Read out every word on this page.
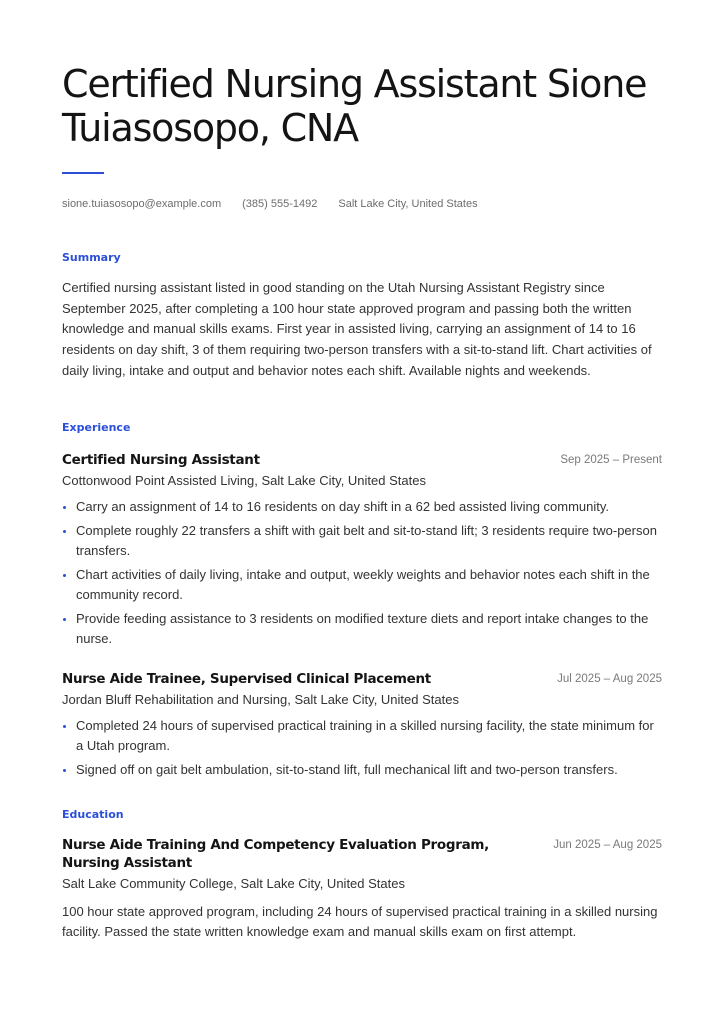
Certified Nursing Assistant Sione Tuiasosopo, CNA
sione.tuiasosopo@example.com (385) 555-1492 Salt Lake City, United States
Summary
Certified nursing assistant listed in good standing on the Utah Nursing Assistant Registry since September 2025, after completing a 100 hour state approved program and passing both the written knowledge and manual skills exams. First year in assisted living, carrying an assignment of 14 to 16 residents on day shift, 3 of them requiring two-person transfers with a sit-to-stand lift. Chart activities of daily living, intake and output and behavior notes each shift. Available nights and weekends.
Experience
Certified Nursing Assistant	Sep 2025 – Present
Cottonwood Point Assisted Living, Salt Lake City, United States
Carry an assignment of 14 to 16 residents on day shift in a 62 bed assisted living community.
Complete roughly 22 transfers a shift with gait belt and sit-to-stand lift; 3 residents require two-person transfers.
Chart activities of daily living, intake and output, weekly weights and behavior notes each shift in the community record.
Provide feeding assistance to 3 residents on modified texture diets and report intake changes to the nurse.
Nurse Aide Trainee, Supervised Clinical Placement	Jul 2025 – Aug 2025
Jordan Bluff Rehabilitation and Nursing, Salt Lake City, United States
Completed 24 hours of supervised practical training in a skilled nursing facility, the state minimum for a Utah program.
Signed off on gait belt ambulation, sit-to-stand lift, full mechanical lift and two-person transfers.
Education
Nurse Aide Training And Competency Evaluation Program, Nursing Assistant
Jun 2025 – Aug 2025
Salt Lake Community College, Salt Lake City, United States
100 hour state approved program, including 24 hours of supervised practical training in a skilled nursing facility. Passed the state written knowledge exam and manual skills exam on first attempt.
